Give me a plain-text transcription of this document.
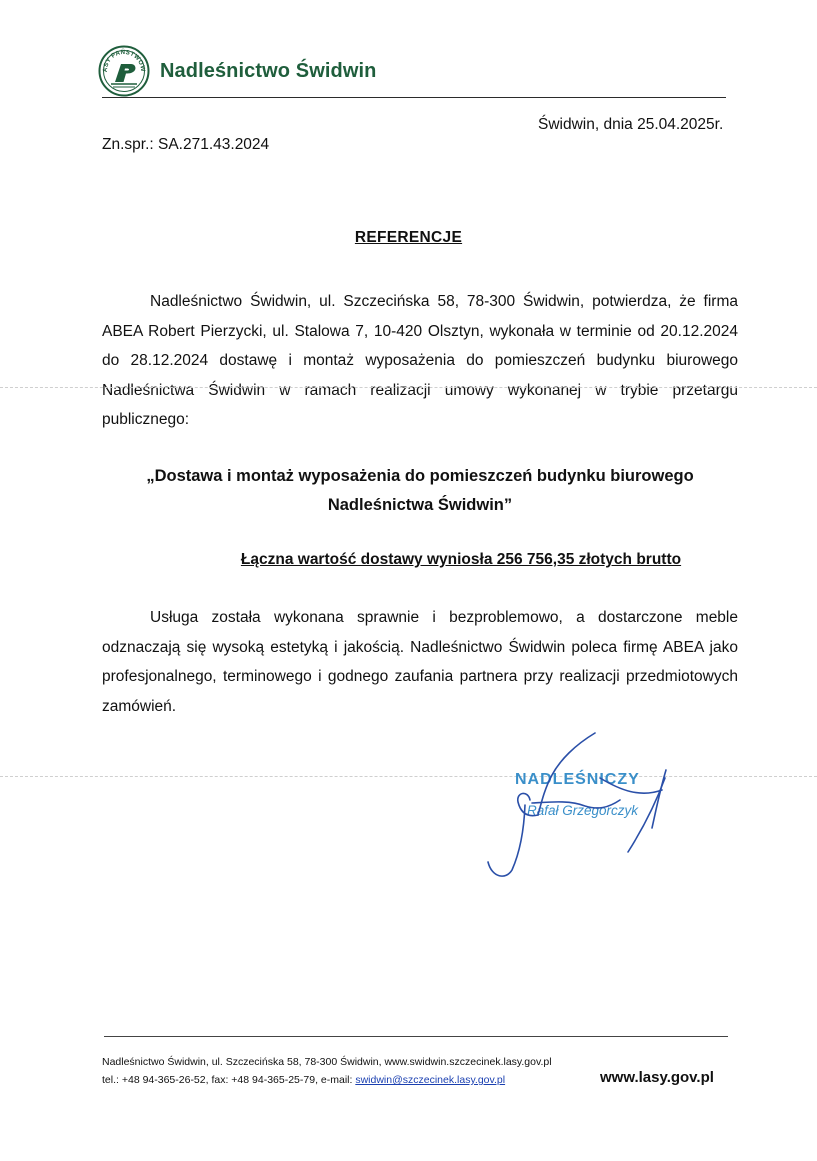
ASY PAŃSTWOW Nadleśnictwo Świdwin
Świdwin, dnia 25.04.2025r.
Zn.spr.: SA.271.43.2024
REFERENCJE
Nadleśnictwo Świdwin, ul. Szczecińska 58, 78-300 Świdwin, potwierdza, że firma ABEA Robert Pierzycki, ul. Stalowa 7, 10-420 Olsztyn, wykonała w terminie od 20.12.2024 do 28.12.2024 dostawę i montaż wyposażenia do pomieszczeń budynku biurowego Nadleśnictwa Świdwin w ramach realizacji umowy wykonanej w trybie przetargu publicznego:
„Dostawa i montaż wyposażenia do pomieszczeń budynku biurowego Nadleśnictwa Świdwin”
Łączna wartość dostawy wyniosła 256 756,35 złotych brutto
Usługa została wykonana sprawnie i bezproblemowo, a dostarczone meble odznaczają się wysoką estetyką i jakością. Nadleśnictwo Świdwin poleca firmę ABEA jako profesjonalnego, terminowego i godnego zaufania partnera przy realizacji przedmiotowych zamówień.
NADLEŚNICZY
Rafał Grzegorczyk
Nadleśnictwo Świdwin, ul. Szczecińska 58, 78-300 Świdwin, www.swidwin.szczecinek.lasy.gov.pl
tel.: +48 94-365-26-52, fax: +48 94-365-25-79, e-mail: swidwin@szczecinek.lasy.gov.pl	www.lasy.gov.pl
